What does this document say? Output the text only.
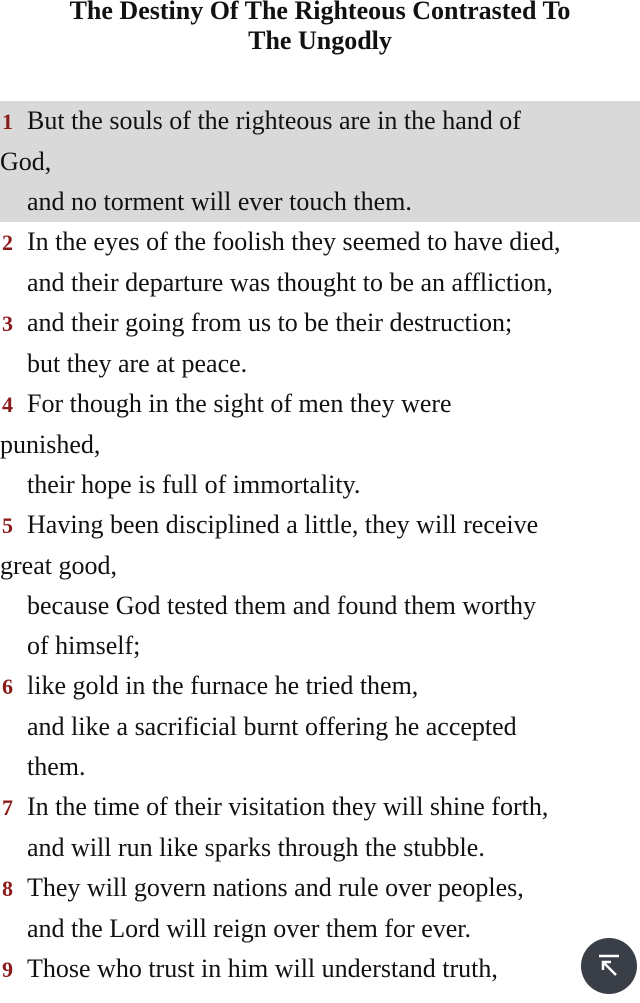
The Destiny Of The Righteous Contrasted To
The Ungodly
1 But the souls of the righteous are in the hand of
God,
and no torment will ever touch them.
2 In the eyes of the foolish they seemed to have died,
and their departure was thought to be an affliction,
3 and their going from us to be their destruction;
but they are at peace.
4 For though in the sight of men they were
punished,
their hope is full of immortality.
5 Having been disciplined a little, they will receive
great good,
because God tested them and found them worthy
of himself;
6 like gold in the furnace he tried them,
and like a sacrificial burnt offering he accepted
them.
7 In the time of their visitation they will shine forth,
and will run like sparks through the stubble.
8 They will govern nations and rule over peoples,
and the Lord will reign over them for ever.
9 Those who trust in him will understand truth,
